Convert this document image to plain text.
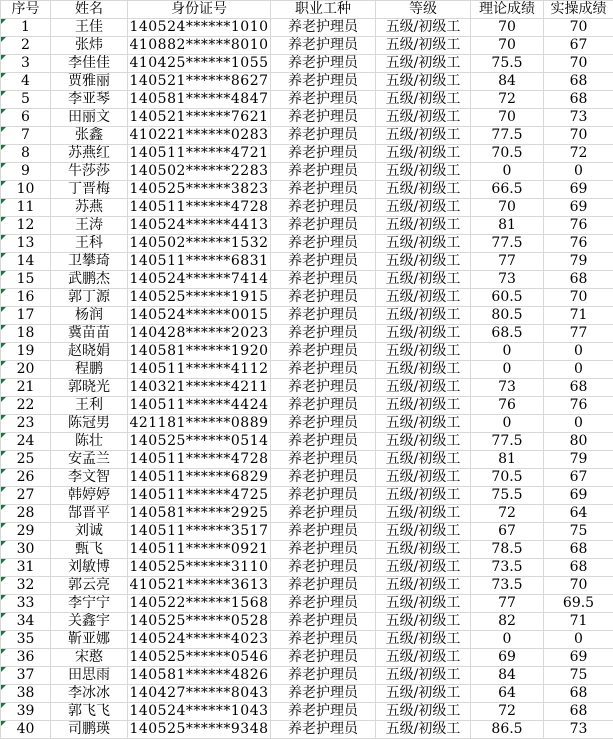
序号	姓名	身份证号	职业工种	等级	理论成绩	实操成绩

1	王佳	140524******1010	养老护理员	五级/初级工	70	70

2	张炜	410882******8010	养老护理员	五级/初级工	70	67

3	李佳佳	410425******1055	养老护理员	五级/初级工	75.5	70

4	贾雅丽	140521******8627	养老护理员	五级/初级工	84	68

5	李亚琴	140581******4847	养老护理员	五级/初级工	72	68

6	田丽文	140521******7621	养老护理员	五级/初级工	70	73

7	张鑫	410221******0283	养老护理员	五级/初级工	77.5	70

8	苏燕红	140511******4721	养老护理员	五级/初级工	70.5	72

9	牛莎莎	140502******2283	养老护理员	五级/初级工	0	0

10	丁晋梅	140525******3823	养老护理员	五级/初级工	66.5	69

11	苏燕	140511******4728	养老护理员	五级/初级工	70	69

12	王涛	140524******4413	养老护理员	五级/初级工	81	76

13	王科	140502******1532	养老护理员	五级/初级工	77.5	76

14	卫攀琦	140511******6831	养老护理员	五级/初级工	77	79

15	武鹏杰	140524******7414	养老护理员	五级/初级工	73	68

16	郭丁源	140525******1915	养老护理员	五级/初级工	60.5	70

17	杨润	140524******0015	养老护理员	五级/初级工	80.5	71

18	冀苗苗	140428******2023	养老护理员	五级/初级工	68.5	77

19	赵晓娟	140581******1920	养老护理员	五级/初级工	0	0

20	程鹏	140511******4112	养老护理员	五级/初级工	0	0

21	郭晓光	140321******4211	养老护理员	五级/初级工	73	68

22	王利	140511******4424	养老护理员	五级/初级工	76	76

23	陈冠男	421181******0889	养老护理员	五级/初级工	0	0

24	陈壮	140525******0514	养老护理员	五级/初级工	77.5	80

25	安孟兰	140511******4728	养老护理员	五级/初级工	81	79

26	李文智	140511******6829	养老护理员	五级/初级工	70.5	67

27	韩婷婷	140511******4725	养老护理员	五级/初级工	75.5	69

28	郜晋平	140581******2925	养老护理员	五级/初级工	72	64

29	刘诚	140511******3517	养老护理员	五级/初级工	67	75

30	甄飞	140511******0921	养老护理员	五级/初级工	78.5	68

31	刘敏博	140525******3110	养老护理员	五级/初级工	73.5	68

32	郭云亮	410521******3613	养老护理员	五级/初级工	73.5	70

33	李宁宁	140522******1568	养老护理员	五级/初级工	77	69.5

34	关鑫宇	140525******0528	养老护理员	五级/初级工	82	71

35	靳亚娜	140524******4023	养老护理员	五级/初级工	0	0

36	宋憨	140525******0546	养老护理员	五级/初级工	69	69

37	田思雨	140581******4826	养老护理员	五级/初级工	84	75

38	李冰冰	140427******8043	养老护理员	五级/初级工	64	68

39	郭飞飞	140524******1043	养老护理员	五级/初级工	72	68

40	司鹏瑛	140525******9348	养老护理员	五级/初级工	86.5	73
